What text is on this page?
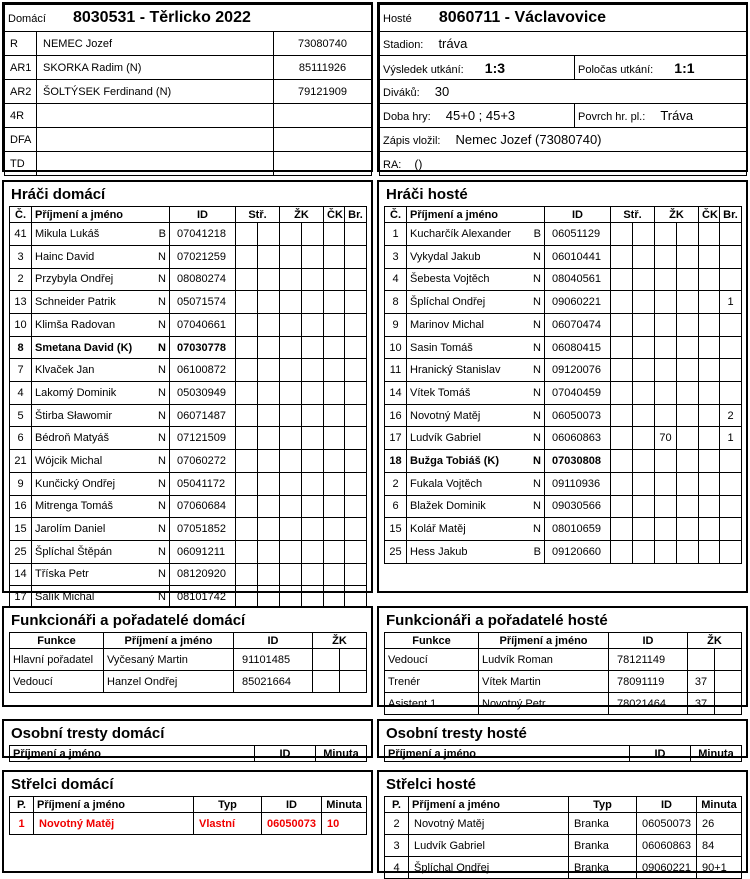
Domácí 8030531 - Těrlicko 2022		
R	NEMEC Jozef	73080740
AR1	SKORKA Radim (N)	85111926
AR2	ŠOLTÝSEK Ferdinand (N)	79121909
4R		
DFA		
TD		
Hráči domácí
Č.	Příjmení a jméno		ID	Stř.		ŽK		ČK	Br.
41	Mikula Lukáš	B	07041218						
3	Hainc David	N	07021259						
2	Przybyla Ondřej	N	08080274						
13	Schneider Patrik	N	05071574						
10	Klimša Radovan	N	07040661						
8	Smetana David (K)	N	07030778						
7	Klvaček Jan	N	06100872						
4	Lakomý Dominik	N	05030949						
5	Štirba Sławomir	N	06071487						
6	Bédroň Matyáš	N	07121509						
21	Wójcik Michal	N	07060272						
9	Kunčický Ondřej	N	05041172						
16	Mitrenga Tomáš	N	07060684						
15	Jarolím Daniel	N	07051852						
25	Šplíchal Štěpán	N	06091211						
14	Tříska Petr	N	08120920						
17	Salík Michal	N	08101742						
Funkcionáři a pořadatelé domácí
Funkce	Příjmení a jméno	ID	ŽK	
Hlavní pořadatel	Vyčesaný Martin	91101485		
Vedoucí	Hanzel Ondřej	85021664		
Osobní tresty domácí
Příjmení a jméno	ID	Minuta
Střelci domácí
P.	Příjmení a jméno	Typ	ID	Minuta
1	Novotný Matěj	Vlastní	06050073	10
Hosté 8060711 - Václavovice	
Stadion: tráva	
Výsledek utkání: 1:3	Poločas utkání: 1:1
Diváků: 30	
Doba hry: 45+0 ; 45+3	Povrch hr. pl.: Tráva
Zápis vložil: Nemec Jozef (73080740)	
RA: ()	
Hráči hosté
Č.	Příjmení a jméno		ID	Stř.		ŽK		ČK	Br.
1	Kucharčík Alexander	B	06051129						
3	Vykydal Jakub	N	06010441						
4	Šebesta Vojtěch	N	08040561						
8	Šplíchal Ondřej	N	09060221						1
9	Marinov Michal	N	06070474						
10	Sasin Tomáš	N	06080415						
11	Hranický Stanislav	N	09120076						
14	Vítek Tomáš	N	07040459						
16	Novotný Matěj	N	06050073						2
17	Ludvík Gabriel	N	06060863			70			1
18	Bužga Tobiáš (K)	N	07030808						
2	Fukala Vojtěch	N	09110936						
6	Blažek Dominik	N	09030566						
15	Kolář Matěj	N	08010659						
25	Hess Jakub	B	09120660						
Funkcionáři a pořadatelé hosté
Funkce	Příjmení a jméno	ID	ŽK	
Vedoucí	Ludvík Roman	78121149		
Trenér	Vítek Martin	78091119	37	
Asistent 1	Novotný Petr	78021464	37	
Osobní tresty hosté
Příjmení a jméno	ID	Minuta
Střelci hosté
P.	Příjmení a jméno	Typ	ID	Minuta
2	Novotný Matěj	Branka	06050073	26
3	Ludvík Gabriel	Branka	06060863	84
4	Šplíchal Ondřej	Branka	09060221	90+1
